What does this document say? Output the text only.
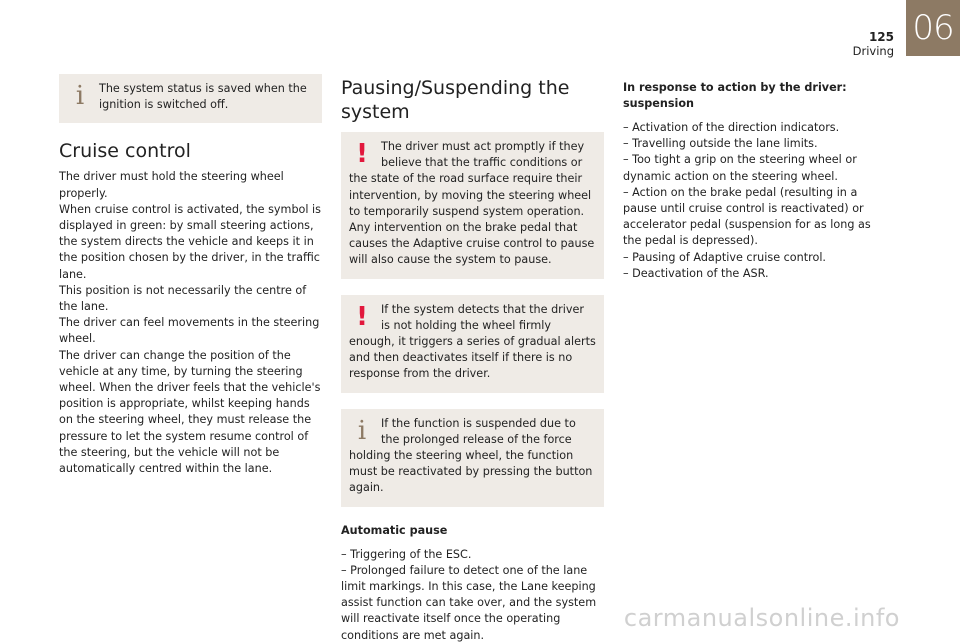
125
Driving
06
i	The system status is saved when the ignition is switched off.
Cruise control

The driver must hold the steering wheel properly.

When cruise control is activated, the symbol is displayed in green: by small steering actions, the system directs the vehicle and keeps it in the position chosen by the driver, in the traffic lane.

This position is not necessarily the centre of the lane.

The driver can feel movements in the steering wheel.

The driver can change the position of the vehicle at any time, by turning the steering wheel. When the driver feels that the vehicle's position is appropriate, whilst keeping hands on the steering wheel, they must release the pressure to let the system resume control of the steering, but the vehicle will not be automatically centred within the lane.

Pausing/Suspending the system
!	The driver must act promptly if they believe that the traffic conditions or the state of the road surface require their intervention, by moving the steering wheel to temporarily suspend system operation. Any intervention on the brake pedal that causes the Adaptive cruise control to pause will also cause the system to pause.
!	If the system detects that the driver is not holding the wheel firmly enough, it triggers a series of gradual alerts and then deactivates itself if there is no response from the driver.
i	If the function is suspended due to the prolonged release of the force holding the steering wheel, the function must be reactivated by pressing the button again.
Automatic pause

– Triggering of the ESC.

– Prolonged failure to detect one of the lane limit markings. In this case, the Lane keeping assist function can take over, and the system will reactivate itself once the operating conditions are met again.

In response to action by the driver: suspension

– Activation of the direction indicators.

– Travelling outside the lane limits.

– Too tight a grip on the steering wheel or dynamic action on the steering wheel.

– Action on the brake pedal (resulting in a pause until cruise control is reactivated) or accelerator pedal (suspension for as long as the pedal is depressed).

– Pausing of Adaptive cruise control.

– Deactivation of the ASR.

carmanualsonline.info
